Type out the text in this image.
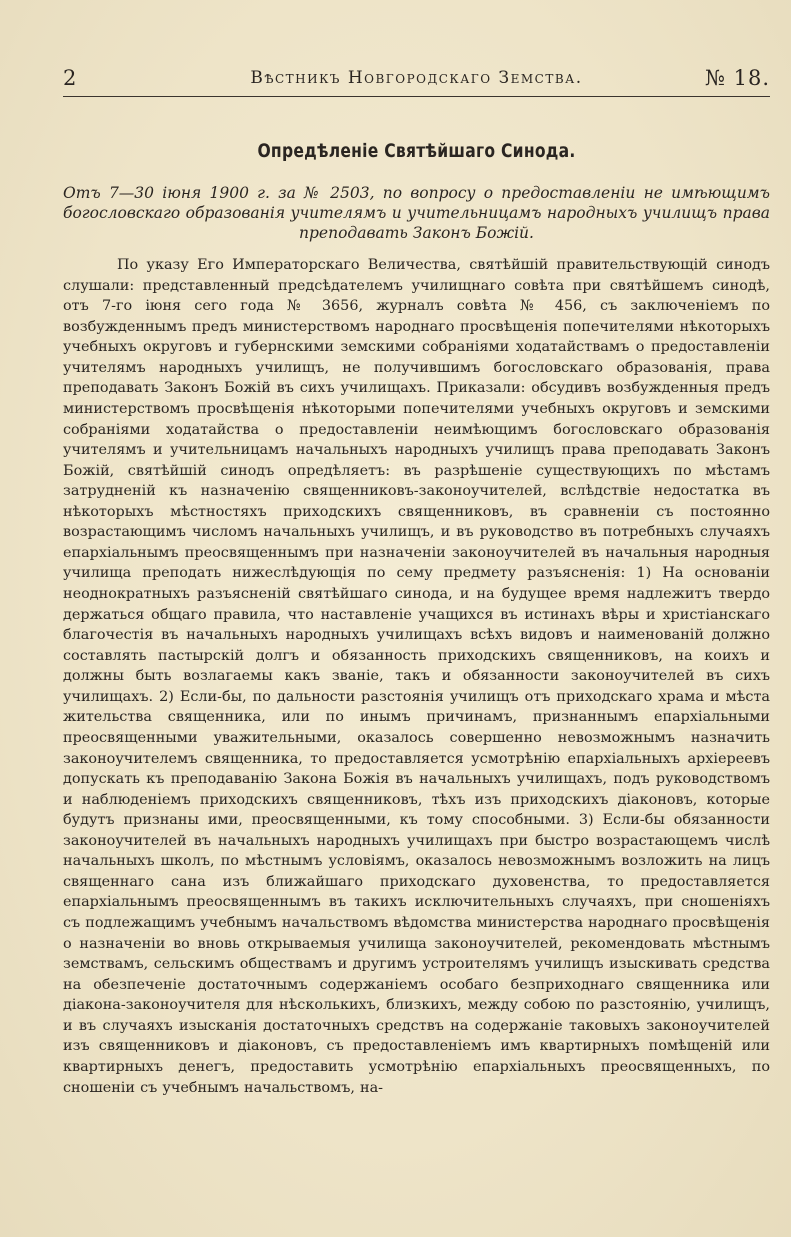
2	Вѣстникъ Новгородскаго Земства.	№ 18.
Опредѣленіе Святѣйшаго Синода.
Отъ 7—30 іюня 1900 г. за № 2503, по вопросу о предоставленіи не имѣющимъ богословскаго образованія учителямъ и учительницамъ народныхъ училищъ права преподавать Законъ Божій.
По указу Его Императорскаго Величества, святѣйшій правительствующій синодъ слушали: представленный предсѣдателемъ училищнаго совѣта при святѣйшемъ синодѣ, отъ 7-го іюня сего года № 3656, журналъ совѣта № 456, съ заключеніемъ по возбужденнымъ предъ министерствомъ народнаго просвѣщенія попечителями нѣкоторыхъ учебныхъ округовъ и губернскими земскими собраніями ходатайствамъ о предоставленіи учителямъ народныхъ училищъ, не получившимъ богословскаго образованія, права преподавать Законъ Божій въ сихъ училищахъ. Приказали: обсудивъ возбужденныя предъ министерствомъ просвѣщенія нѣкоторыми попечителями учебныхъ округовъ и земскими собраніями ходатайства о предоставленіи неимѣющимъ богословскаго образованія учителямъ и учительницамъ начальныхъ народныхъ училищъ права преподавать Законъ Божій, святѣйшій синодъ опредѣляетъ: въ разрѣшеніе существующихъ по мѣстамъ затрудненій къ назначенію священниковъ-законоучителей, вслѣдствіе недостатка въ нѣкоторыхъ мѣстностяхъ приходскихъ священниковъ, въ сравненіи съ постоянно возрастающимъ числомъ начальныхъ училищъ, и въ руководство въ потребныхъ случаяхъ епархіальнымъ преосвященнымъ при назначеніи законоучителей въ начальныя народныя училища преподать нижеслѣдующія по сему предмету разъясненія: 1) На основаніи неоднократныхъ разъясненій святѣйшаго синода, и на будущее время надлежитъ твердо держаться общаго правила, что наставленіе учащихся въ истинахъ вѣры и христіанскаго благочестія въ начальныхъ народныхъ училищахъ всѣхъ видовъ и наименованій должно составлять пастырскій долгъ и обязанность приходскихъ священниковъ, на коихъ и должны быть возлагаемы какъ званіе, такъ и обязанности законоучителей въ сихъ училищахъ. 2) Если-бы, по дальности разстоянія училищъ отъ приходскаго храма и мѣста жительства священника, или по инымъ причинамъ, признаннымъ епархіальными преосвященными уважительными, оказалось совершенно невозможнымъ назначить законоучителемъ священника, то предоставляется усмотрѣнію епархіальныхъ архіереевъ допускать къ преподаванію Закона Божія въ начальныхъ училищахъ, подъ руководствомъ и наблюденіемъ приходскихъ священниковъ, тѣхъ изъ приходскихъ діаконовъ, которые будутъ признаны ими, преосвященными, къ тому способными. 3) Если-бы обязанности законоучителей въ начальныхъ народныхъ училищахъ при быстро возрастающемъ числѣ начальныхъ школъ, по мѣстнымъ условіямъ, оказалось невозможнымъ возложить на лицъ священнаго сана изъ ближайшаго приходскаго духовенства, то предоставляется епархіальнымъ преосвященнымъ въ такихъ исключительныхъ случаяхъ, при сношеніяхъ съ подлежащимъ учебнымъ начальствомъ вѣдомства министерства народнаго просвѣщенія о назначеніи во вновь открываемыя училища законоучителей, рекомендовать мѣстнымъ земствамъ, сельскимъ обществамъ и другимъ устроителямъ училищъ изыскивать средства на обезпеченіе достаточнымъ содержаніемъ особаго безприходнаго священника или діакона-законоучителя для нѣсколькихъ, близкихъ, между собою по разстоянію, училищъ, и въ случаяхъ изысканія достаточныхъ средствъ на содержаніе таковыхъ законоучителей изъ священниковъ и діаконовъ, съ предоставленіемъ имъ квартирныхъ помѣщеній или квартирныхъ денегъ, предоставить усмотрѣнію епархіальныхъ преосвященныхъ, по сношеніи съ учебнымъ начальствомъ, на-
